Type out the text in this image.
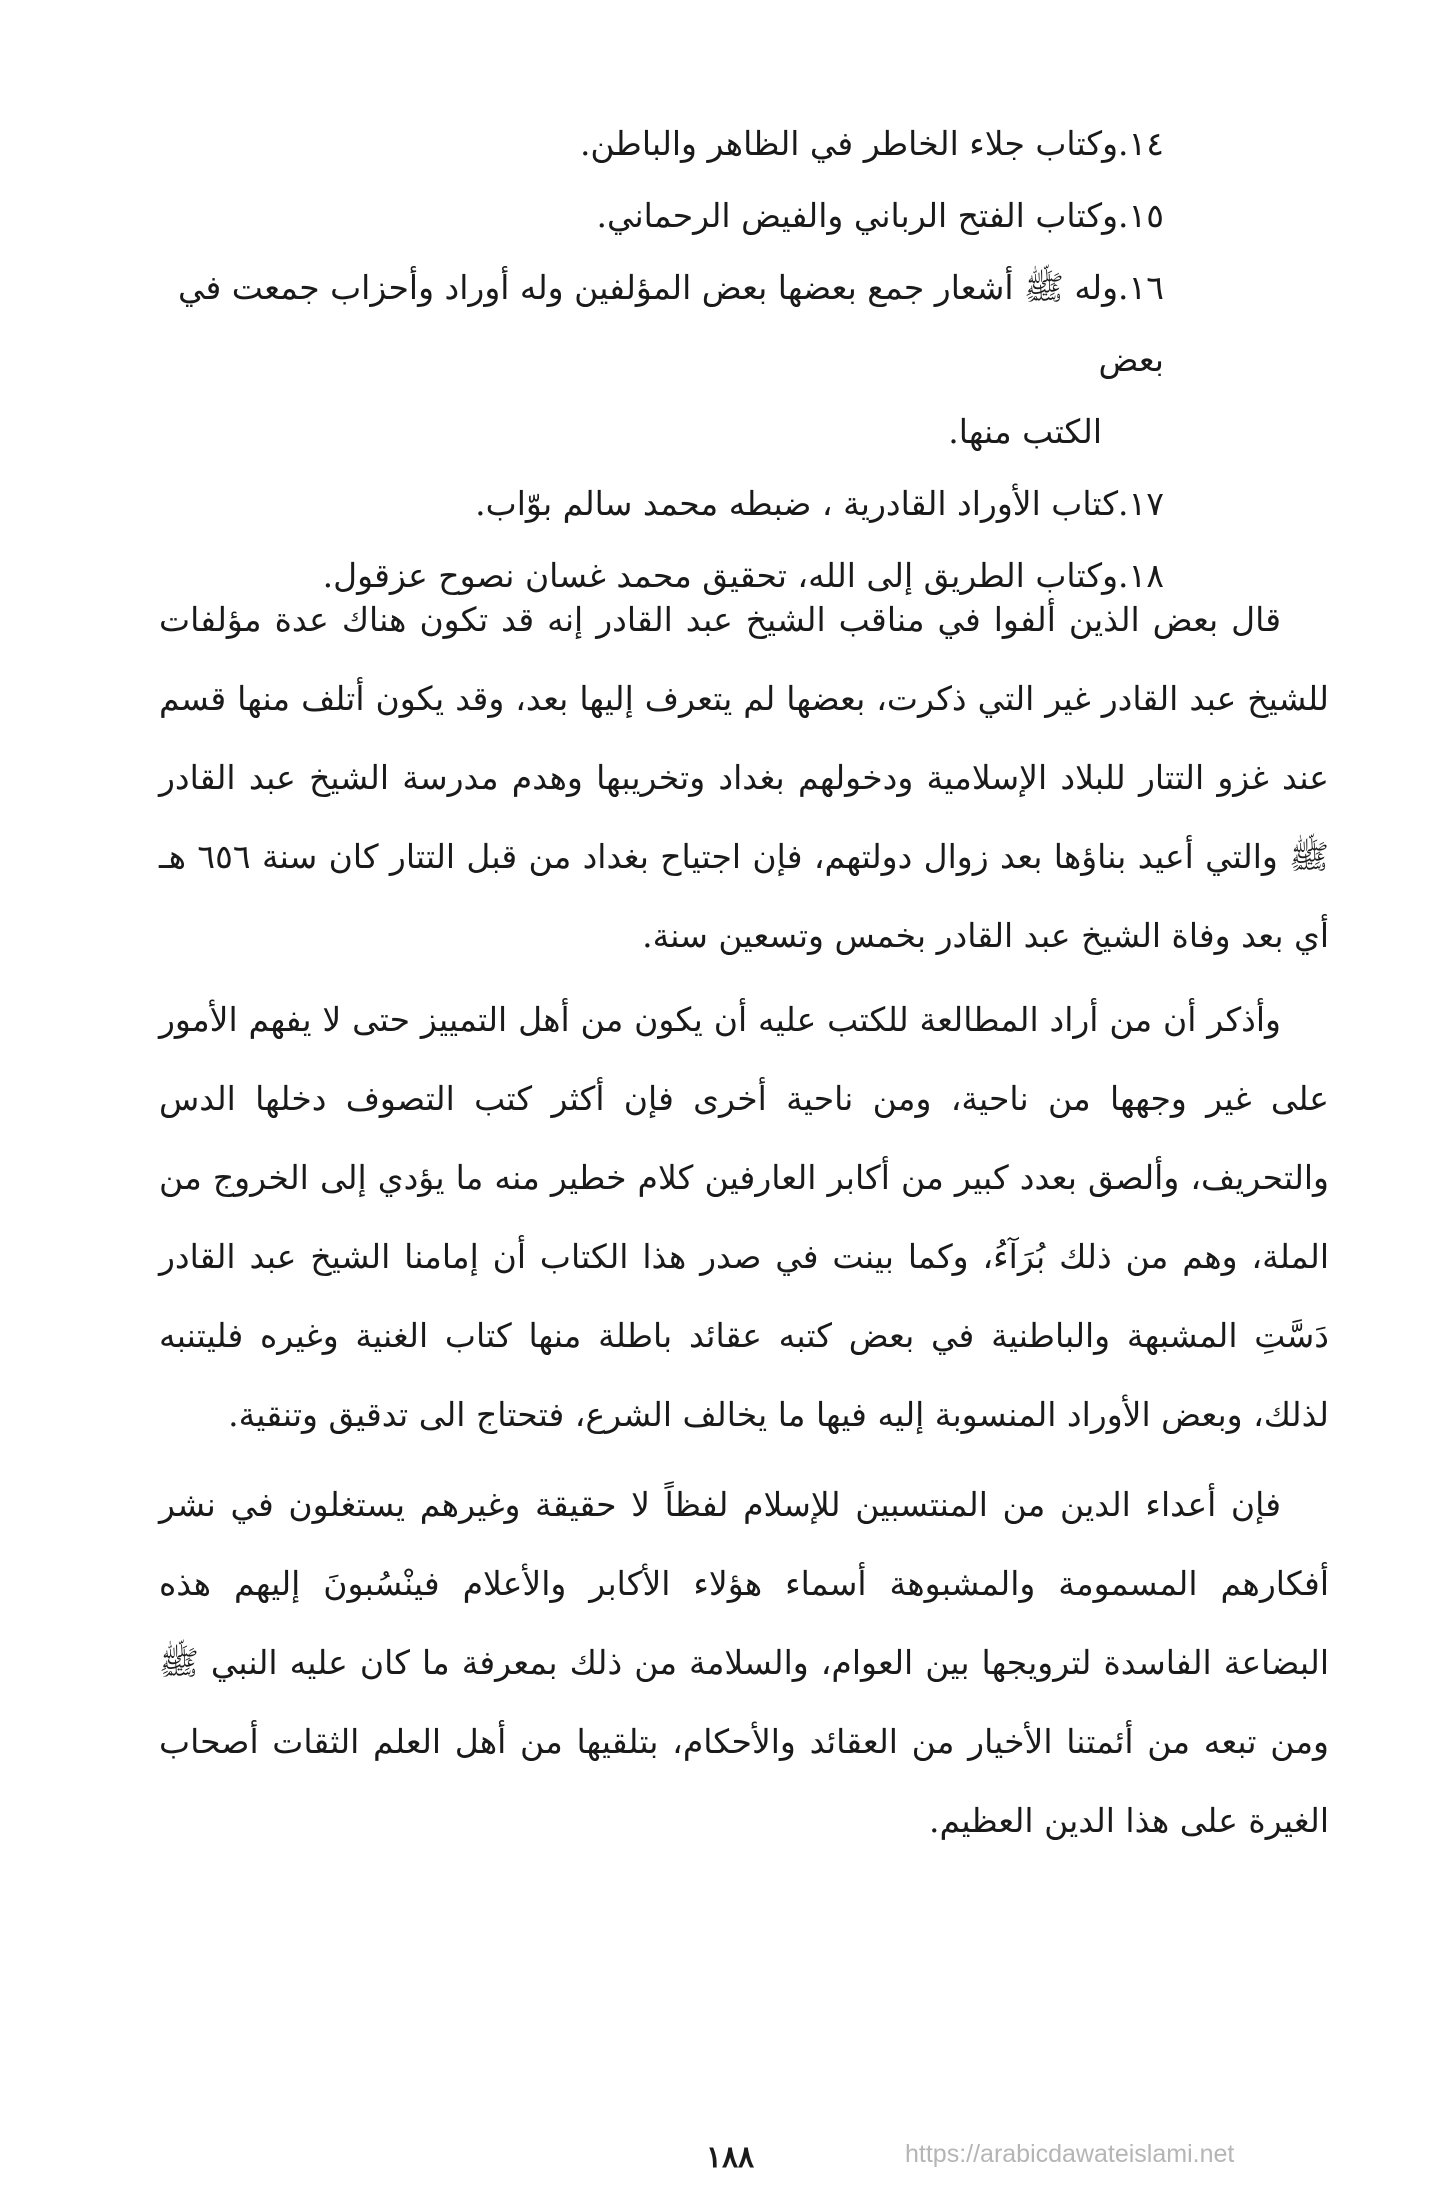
١٤.وكتاب جلاء الخاطر في الظاهر والباطن.
١٥.وكتاب الفتح الرباني والفيض الرحماني.
١٦.وله ﷺ أشعار جمع بعضها بعض المؤلفين وله أوراد وأحزاب جمعت في بعض
الكتب منها.
١٧.كتاب الأوراد القادرية ، ضبطه محمد سالم بوّاب.
١٨.وكتاب الطريق إلى الله، تحقيق محمد غسان نصوح عزقول.

قال بعض الذين ألفوا في مناقب الشيخ عبد القادر إنه قد تكون هناك عدة مؤلفات للشيخ عبد القادر غير التي ذكرت، بعضها لم يتعرف إليها بعد، وقد يكون أتلف منها قسم عند غزو التتار للبلاد الإسلامية ودخولهم بغداد وتخريبها وهدم مدرسة الشيخ عبد القادر ﷺ والتي أعيد بناؤها بعد زوال دولتهم، فإن اجتياح بغداد من قبل التتار كان سنة ٦٥٦ هـ أي بعد وفاة الشيخ عبد القادر بخمس وتسعين سنة.

وأذكر أن من أراد المطالعة للكتب عليه أن يكون من أهل التمييز حتى لا يفهم الأمور على غير وجهها من ناحية، ومن ناحية أخرى فإن أكثر كتب التصوف دخلها الدس والتحريف، وألصق بعدد كبير من أكابر العارفين كلام خطير منه ما يؤدي إلى الخروج من الملة، وهم من ذلك بُرَآءُ، وكما بينت في صدر هذا الكتاب أن إمامنا الشيخ عبد القادر دَسَّتِ المشبهة والباطنية في بعض كتبه عقائد باطلة منها كتاب الغنية وغيره فليتنبه لذلك، وبعض الأوراد المنسوبة إليه فيها ما يخالف الشرع، فتحتاج الى تدقيق وتنقية.

فإن أعداء الدين من المنتسبين للإسلام لفظاً لا حقيقة وغيرهم يستغلون في نشر أفكارهم المسمومة والمشبوهة أسماء هؤلاء الأكابر والأعلام فينْسُبونَ إليهم هذه البضاعة الفاسدة لترويجها بين العوام، والسلامة من ذلك بمعرفة ما كان عليه النبي ﷺ ومن تبعه من أئمتنا الأخيار من العقائد والأحكام، بتلقيها من أهل العلم الثقات أصحاب الغيرة على هذا الدين العظيم.

١٨٨	https://arabicdawateislami.net
